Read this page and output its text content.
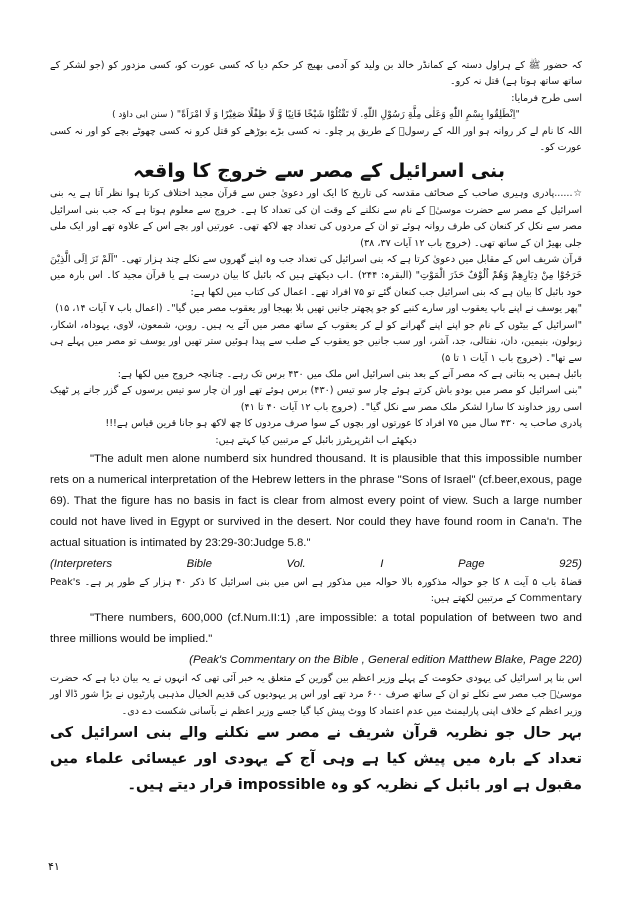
کہ حضور ﷺ کے ہراول دستہ کے کمانڈر خالد بن ولید کو آدمی بھیج کر حکم دیا کہ کسی عورت کو، کسی مزدور کو (جو لشکر کے ساتھ ساتھ ہوتا ہے) قتل نہ کرو۔

اسی طرح فرمایا:

"اِنْطَلِقُوا بِسْمِ اللّٰهِ وَعَلٰی مِلَّةِ رَسُوْلِ اللّٰهِ. لَا تَقْتُلُوْا شَيْخًا فَانِيًا وَّ لَا طِفْلًا صَغِيْرًا وَ لَا امْرَاَةً" ( سنن ابی داؤد )

اللہ کا نام لے کر روانہ ہو اور اللہ کے رسولؐ کے طریق پر چلو۔ نہ کسی بڑے بوڑھے کو قتل کرو نہ کسی چھوٹے بچے کو اور نہ کسی عورت کو۔

بنی اسرائیل کے مصر سے خروج کا واقعہ

☆......پادری وہیری صاحب کے صحائف مقدسہ کی تاریخ کا ایک اور دعویٰ جس سے قرآن مجید اختلاف کرتا ہوا نظر آتا ہے یہ بنی اسرائیل کے مصر سے حضرت موسیٰؑ کے نام سے نکلنے کے وقت ان کی تعداد کا ہے۔ خروج سے معلوم ہوتا ہے کہ جب بنی اسرائیل مصر سے نکل کر کنعان کی طرف روانہ ہوئے تو ان کے مردوں کی تعداد چھ لاکھ تھی۔ عورتیں اور بچے اس کے علاوہ تھے اور ایک ملی جلی بھیڑ ان کے ساتھ تھی۔ (خروج باب ۱۲ آیات ۳۷، ۳۸)

قرآن شریف اس کے مقابل میں دعویٰ کرتا ہے کہ بنی اسرائیل کی تعداد جب وہ اپنے گھروں سے نکلے چند ہزار تھی۔ "اَلَمْ تَرَ اِلَى الَّذِيْنَ خَرَجُوْا مِنْ دِيَارِهِمْ وَهُمْ اُلُوْفٌ حَذَرَ الْمَوْتِ" (البقرہ: ۲۴۴) ۔اب دیکھتے ہیں کہ بائبل کا بیان درست ہے یا قرآن مجید کا۔ اس بارہ میں خود بائبل کا بیان ہے کہ بنی اسرائیل جب کنعان گئے تو ۷۵ افراد تھے۔ اعمال کی کتاب میں لکھا ہے:

"پھر یوسف نے اپنے باپ یعقوب اور سارے کنبے کو جو پچھتر جانیں تھیں بلا بھیجا اور یعقوب مصر میں گیا"۔ (اعمال باب ۷ آیات ۱۴، ۱۵)

"اسرائیل کے بیٹوں کے نام جو اپنے اپنے گھرانے کو لے کر یعقوب کے ساتھ مصر میں آئے یہ ہیں۔ روبن، شمعون، لاوی، یہوداہ، اشکار، زبولون، بنیمین، دان، نفتالی، جد، آشر، اور سب جانیں جو یعقوب کے صلب سے پیدا ہوئیں ستر تھیں اور یوسف تو مصر میں پہلے ہی سے تھا"۔ (خروج باب ۱ آیات ۱ تا ۵)

بائبل ہمیں یہ بتاتی ہے کہ مصر آنے کے بعد بنی اسرائیل اس ملک میں ۴۳۰ برس تک رہے۔ چنانچہ خروج میں لکھا ہے:

"بنی اسرائیل کو مصر میں بودو باش کرتے ہوئے چار سو تیس (۴۳۰) برس ہوئے تھے اور ان چار سو تیس برسوں کے گزر جانے پر ٹھیک اسی روز خداوند کا سارا لشکر ملک مصر سے نکل گیا"۔ (خروج باب ۱۲ آیات ۴۰ تا ۴۱)

پادری صاحب یہ ۴۳۰ سال میں ۷۵ افراد کا عورتوں اور بچوں کے سوا صرف مردوں کا چھ لاکھ ہو جانا قرین قیاس ہے!!!

دیکھئے اب انٹرپریٹرز بائبل کے مرتبین کیا کہتے ہیں:

"The adult men alone numberd six hundred thousand. It is plausible that this impossible number rets on a numerical interpretation of the Hebrew letters in the phrase "Sons of Israel" (cf.beer,exous, page 69). That the figure has no basis in fact is clear from almost every point of view. Such a large number could not have lived in Egypt or survived in the desert. Nor could they have found room in Cana'n. The actual situation is intimated by 23:29-30:Judge 5.8."

(Interpreters	Bible	Vol.	I	Page	925)

قضاۃ باب ۵ آیت ۸ کا جو حوالہ مذکورہ بالا حوالہ میں مذکور ہے اس میں بنی اسرائیل کا ذکر ۴۰ ہزار کے طور پر ہے۔ Peak's Commentary کے مرتبین لکھتے ہیں:

"There numbers, 600,000 (cf.Num.II:1) ,are impossible: a total population of between two and three millions would be implied."

(Peak's Commentary on the Bible , General edition Matthew Blake, Page 220)

اس بنا پر اسرائیل کی یہودی حکومت کے پہلے وزیر اعظم بین گورین کے متعلق یہ خبر آئی تھی کہ انہوں نے یہ بیان دیا ہے کہ حضرت موسیٰؑ جب مصر سے نکلے تو ان کے ساتھ صرف ۶۰۰ مرد تھے اور اس پر یہودیوں کی قدیم الخیال مذہبی پارٹیوں نے بڑا شور ڈالا اور وزیر اعظم کے خلاف اپنی پارلیمنٹ میں عدم اعتماد کا ووٹ پیش کیا گیا جسے وزیر اعظم نے بآسانی شکست دے دی۔

بہر حال جو نظریہ قرآن شریف نے مصر سے نکلنے والے بنی اسرائیل کی تعداد کے بارہ میں پیش کیا ہے وہی آج کے یہودی اور عیسائی علماء میں مقبول ہے اور بائبل کے نظریہ کو وہ impossible قرار دیتے ہیں۔

۴۱
